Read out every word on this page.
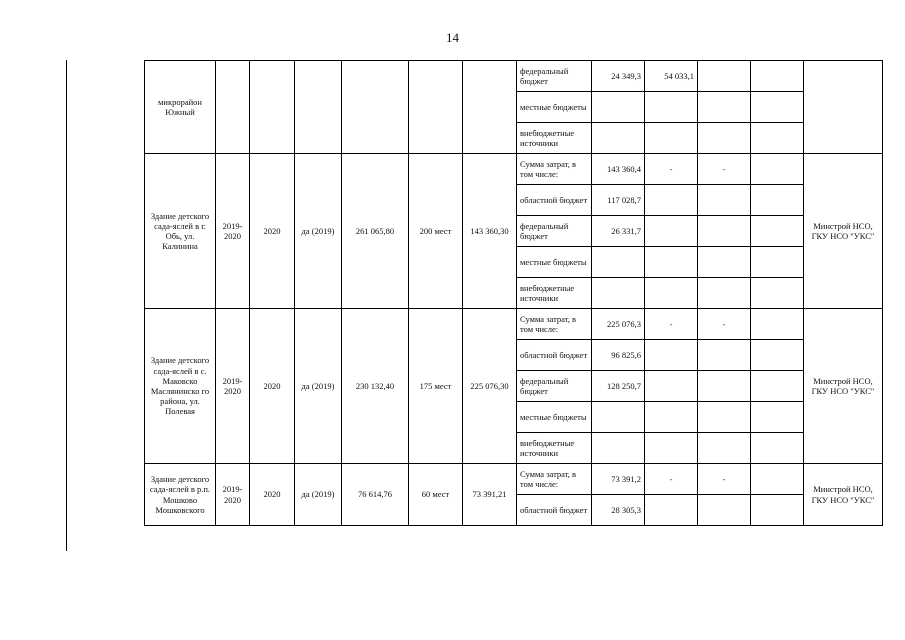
14
микрорайон Южный							федеральный бюджет	24 349,3	54 033,1			
							местные бюджеты					
							внебюджетные источники					
Здание детского сада-яслей в г. Обь, ул. Калинина	2019-2020	2020	да (2019)	261 065,80	200 мест	143 360,30	Сумма затрат, в том числе:	143 360,4	-	-		Минстрой НСО, ГКУ НСО "УКС"
							областной бюджет	117 028,7				
							федеральный бюджет	26 331,7				
							местные бюджеты					
							внебюджетные источники					
Здание детского сада-яслей в с. Маковско Маслянинско го района, ул. Полевая	2019-2020	2020	да (2019)	230 132,40	175 мест	225 076,30	Сумма затрат, в том числе:	225 076,3	-	-		Минстрой НСО, ГКУ НСО "УКС"
							областной бюджет	96 825,6				
							федеральный бюджет	128 250,7				
							местные бюджеты					
							внебюджетные источники					
Здание детского сада-яслей в р.п. Мошково Мошковского	2019-2020	2020	да (2019)	76 614,76	60 мест	73 391,21	Сумма затрат, в том числе:	73 391,2	-	-		Минстрой НСО, ГКУ НСО "УКС"
							областной бюджет	28 305,3				
